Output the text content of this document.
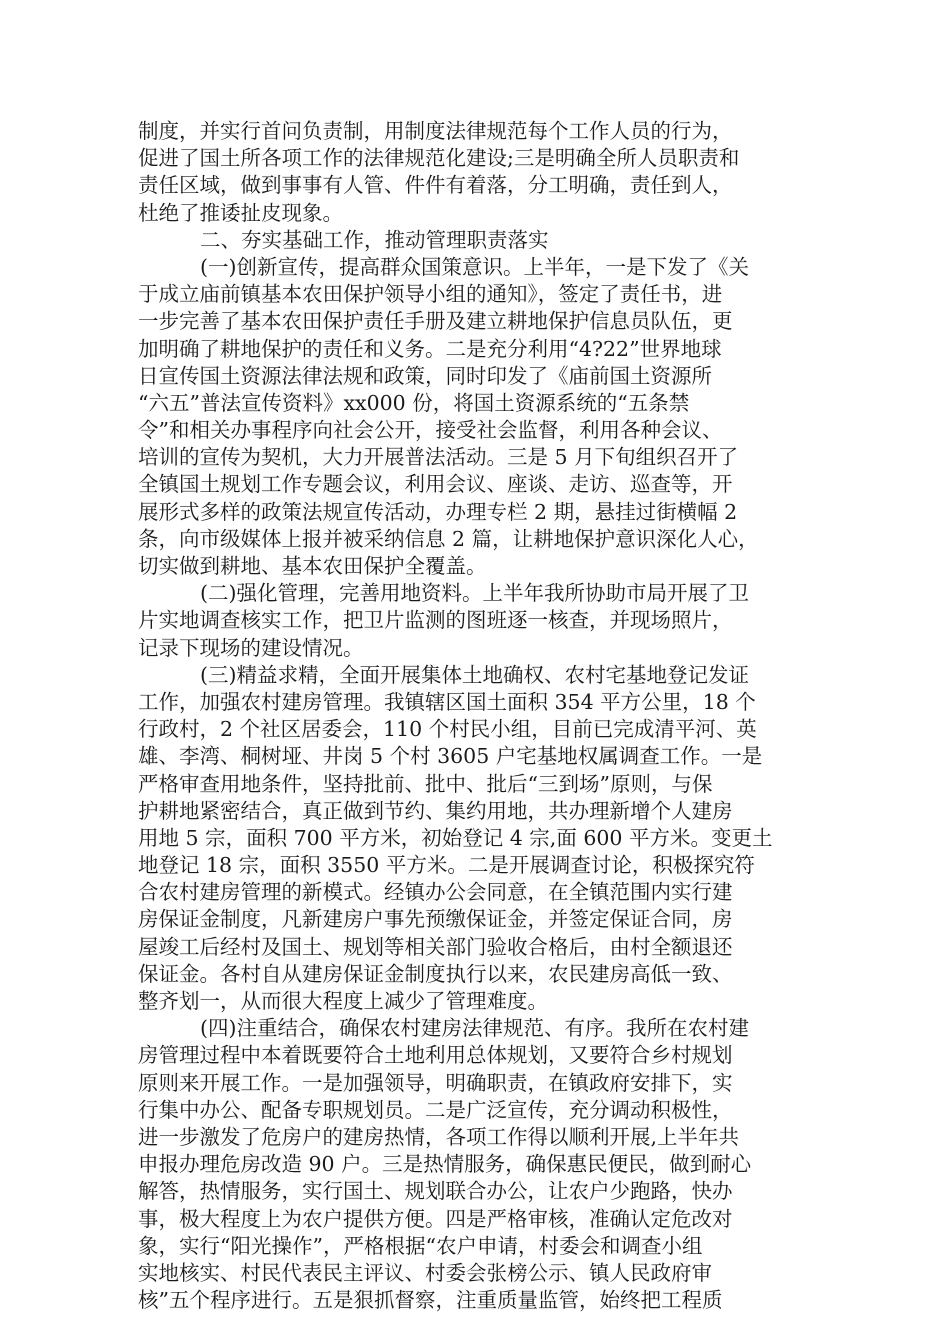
制度，并实行首问负责制，用制度法律规范每个工作人员的行为，
促进了国土所各项工作的法律规范化建设;三是明确全所人员职责和
责任区域，做到事事有人管、件件有着落，分工明确，责任到人，
杜绝了推诿扯皮现象。
二、夯实基础工作，推动管理职责落实
(一)创新宣传，提高群众国策意识。上半年，一是下发了《关
于成立庙前镇基本农田保护领导小组的通知》，签定了责任书，进
一步完善了基本农田保护责任手册及建立耕地保护信息员队伍，更
加明确了耕地保护的责任和义务。二是充分利用“4?22”世界地球
日宣传国土资源法律法规和政策，同时印发了《庙前国土资源所
“六五”普法宣传资料》xx000 份，将国土资源系统的“五条禁
令”和相关办事程序向社会公开，接受社会监督，利用各种会议、
培训的宣传为契机，大力开展普法活动。三是 5 月下旬组织召开了
全镇国土规划工作专题会议，利用会议、座谈、走访、巡查等，开
展形式多样的政策法规宣传活动，办理专栏 2 期，悬挂过街横幅 2
条，向市级媒体上报并被采纳信息 2 篇，让耕地保护意识深化人心，
切实做到耕地、基本农田保护全覆盖。
(二)强化管理，完善用地资料。上半年我所协助市局开展了卫
片实地调查核实工作，把卫片监测的图班逐一核查，并现场照片，
记录下现场的建设情况。
(三)精益求精，全面开展集体土地确权、农村宅基地登记发证
工作，加强农村建房管理。我镇辖区国土面积 354 平方公里，18 个
行政村，2 个社区居委会，110 个村民小组，目前已完成清平河、英
雄、李湾、桐树垭、井岗 5 个村 3605 户宅基地权属调查工作。一是
严格审查用地条件，坚持批前、批中、批后“三到场”原则，与保
护耕地紧密结合，真正做到节约、集约用地，共办理新增个人建房
用地 5 宗，面积 700 平方米，初始登记 4 宗,面 600 平方米。变更土
地登记 18 宗，面积 3550 平方米。二是开展调查讨论，积极探究符
合农村建房管理的新模式。经镇办公会同意，在全镇范围内实行建
房保证金制度，凡新建房户事先预缴保证金，并签定保证合同，房
屋竣工后经村及国土、规划等相关部门验收合格后，由村全额退还
保证金。各村自从建房保证金制度执行以来，农民建房高低一致、
整齐划一，从而很大程度上减少了管理难度。
(四)注重结合，确保农村建房法律规范、有序。我所在农村建
房管理过程中本着既要符合土地利用总体规划，又要符合乡村规划
原则来开展工作。一是加强领导，明确职责，在镇政府安排下，实
行集中办公、配备专职规划员。二是广泛宣传，充分调动积极性，
进一步激发了危房户的建房热情，各项工作得以顺利开展,上半年共
申报办理危房改造 90 户。三是热情服务，确保惠民便民，做到耐心
解答，热情服务，实行国土、规划联合办公，让农户少跑路，快办
事，极大程度上为农户提供方便。四是严格审核，准确认定危改对
象，实行“阳光操作”，严格根据“农户申请，村委会和调查小组
实地核实、村民代表民主评议、村委会张榜公示、镇人民政府审
核”五个程序进行。五是狠抓督察，注重质量监管，始终把工程质
